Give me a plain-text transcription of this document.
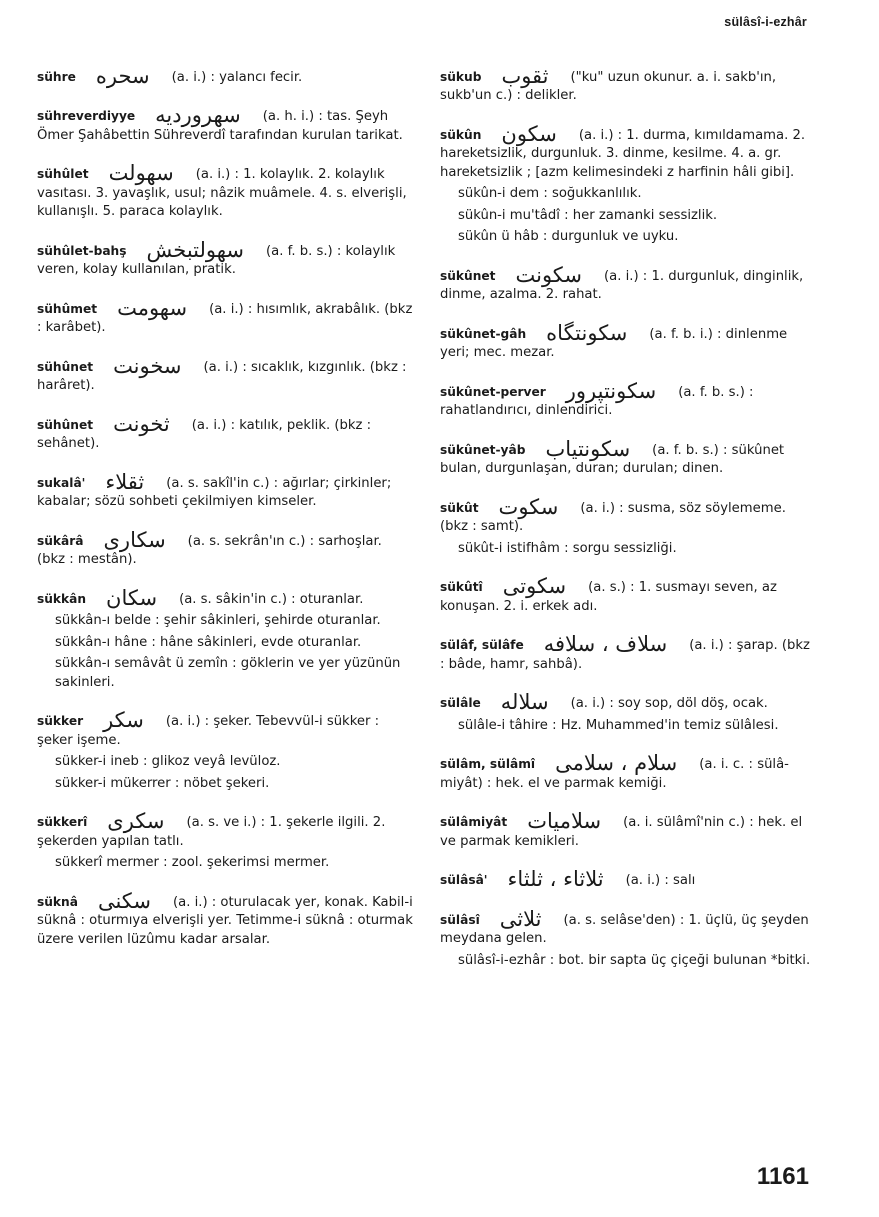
sülâsî-i-ezhâr
sühre سحره (a. i.) : yalancı fecir.
sühreverdiyye سهروردیه (a. h. i.) : tas. Şeyh Ömer Şahâbettin Sühreverdî tarafından kurulan tarikat.
sühûlet سهولت (a. i.) : 1. kolaylık. 2. kolaylık vasıtası. 3. yavaşlık, usul; nâzik muâmele. 4. s. elverişli, kullanışlı. 5. paraca kolaylık.
sühûlet-bahş سهولتبخش (a. f. b. s.) : kolaylık veren, kolay kullanılan, pratik.
sühûmet سهومت (a. i.) : hısımlık, akrabâlık. (bkz : karâbet).
sühûnet سخونت (a. i.) : sıcaklık, kızgınlık. (bkz : harâret).
sühûnet ثخونت (a. i.) : katılık, peklik. (bkz : sehânet).
sukalâ' ثقلاء (a. s. sakîl'in c.) : ağırlar; çirkinler; kabalar; sözü sohbeti çekilmiyen kimseler.
sükârâ سکاری (a. s. sekrân'ın c.) : sarhoşlar. (bkz : mestân).
sükkân سکان (a. s. sâkin'in c.) : oturanlar.
sükkân-ı belde : şehir sâkinleri, şehirde oturanlar.
sükkân-ı hâne : hâne sâkinleri, evde oturanlar.
sükkân-ı semâvât ü zemîn : göklerin ve yer yüzünün sakinleri.
sükker سکر (a. i.) : şeker. Tebevvül-i sükker : şeker işeme.
sükker-i ineb : glikoz veyâ levüloz.
sükker-i mükerrer : nöbet şekeri.
sükkerî سکری (a. s. ve i.) : 1. şekerle ilgili. 2. şekerden yapılan tatlı.
sükkerî mermer : zool. şekerimsi mermer.
süknâ سکنی (a. i.) : oturulacak yer, konak. Kabil-i süknâ : oturmıya elverişli yer. Tetimme-i süknâ : oturmak üzere verilen lüzûmu kadar arsalar.
sükub ثقوب ("ku" uzun okunur. a. i. sakb'ın, sukb'un c.) : delikler.
sükûn سکون (a. i.) : 1. durma, kımıldamama. 2. hareketsizlik, durgunluk. 3. dinme, kesilme. 4. a. gr. hareketsizlik ; [azm kelimesindeki z harfinin hâli gibi].
sükûn-i dem : soğukkanlılık.
sükûn-i mu'tâdî : her zamanki sessizlik.
sükûn ü hâb : durgunluk ve uyku.
sükûnet سکونت (a. i.) : 1. durgunluk, dinginlik, dinme, azalma. 2. rahat.
sükûnet-gâh سکونتگاه (a. f. b. i.) : dinlenme yeri; mec. mezar.
sükûnet-perver سکونتپرور (a. f. b. s.) : rahatlandırıcı, dinlendirici.
sükûnet-yâb سکونتیاب (a. f. b. s.) : sükûnet bulan, durgunlaşan, duran; durulan; dinen.
sükût سکوت (a. i.) : susma, söz söylememe. (bkz : samt).
sükût-i istifhâm : sorgu sessizliği.
sükûtî سکوتی (a. s.) : 1. susmayı seven, az konuşan. 2. i. erkek adı.
sülâf, sülâfe سلاف ، سلافه (a. i.) : şarap. (bkz : bâde, hamr, sahbâ).
sülâle سلاله (a. i.) : soy sop, döl döş, ocak.
sülâle-i tâhire : Hz. Muhammed'in temiz sülâlesi.
sülâm, sülâmî سلام ، سلامی (a. i. c. : sülâmiyât) : hek. el ve parmak kemiği.
sülâmiyât سلامیات (a. i. sülâmî'nin c.) : hek. el ve parmak kemikleri.
sülâsâ' ثلاثاء ، ثلثاء (a. i.) : salı
sülâsî ثلاثی (a. s. selâse'den) : 1. üçlü, üç şeyden meydana gelen.
sülâsî-i-ezhâr : bot. bir sapta üç çiçeği bulunan *bitki.
1161
